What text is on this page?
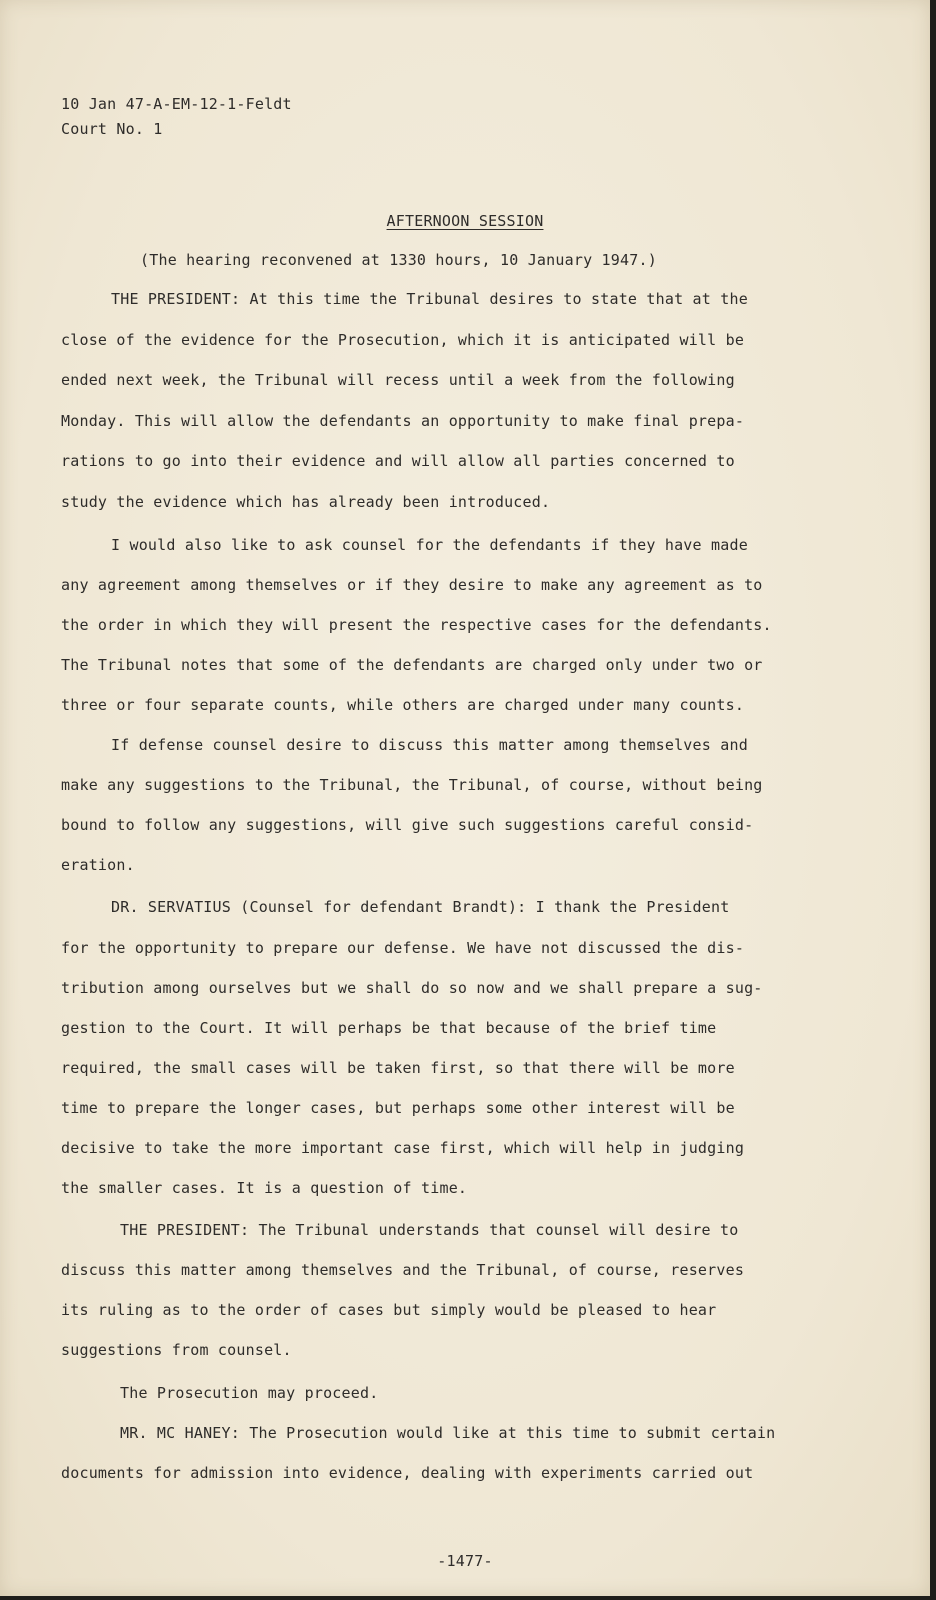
10 Jan 47-A-EM-12-1-Feldt
Court No. 1
AFTERNOON SESSION
(The hearing reconvened at 1330 hours, 10 January 1947.)
THE PRESIDENT: At this time the Tribunal desires to state that at the
close of the evidence for the Prosecution, which it is anticipated will be
ended next week, the Tribunal will recess until a week from the following
Monday. This will allow the defendants an opportunity to make final prepa-
rations to go into their evidence and will allow all parties concerned to
study the evidence which has already been introduced.
I would also like to ask counsel for the defendants if they have made
any agreement among themselves or if they desire to make any agreement as to
the order in which they will present the respective cases for the defendants.
The Tribunal notes that some of the defendants are charged only under two or
three or four separate counts, while others are charged under many counts.
If defense counsel desire to discuss this matter among themselves and
make any suggestions to the Tribunal, the Tribunal, of course, without being
bound to follow any suggestions, will give such suggestions careful consid-
eration.
DR. SERVATIUS (Counsel for defendant Brandt): I thank the President
for the opportunity to prepare our defense. We have not discussed the dis-
tribution among ourselves but we shall do so now and we shall prepare a sug-
gestion to the Court. It will perhaps be that because of the brief time
required, the small cases will be taken first, so that there will be more
time to prepare the longer cases, but perhaps some other interest will be
decisive to take the more important case first, which will help in judging
the smaller cases. It is a question of time.
THE PRESIDENT: The Tribunal understands that counsel will desire to
discuss this matter among themselves and the Tribunal, of course, reserves
its ruling as to the order of cases but simply would be pleased to hear
suggestions from counsel.
The Prosecution may proceed.
MR. MC HANEY: The Prosecution would like at this time to submit certain
documents for admission into evidence, dealing with experiments carried out
-1477-
